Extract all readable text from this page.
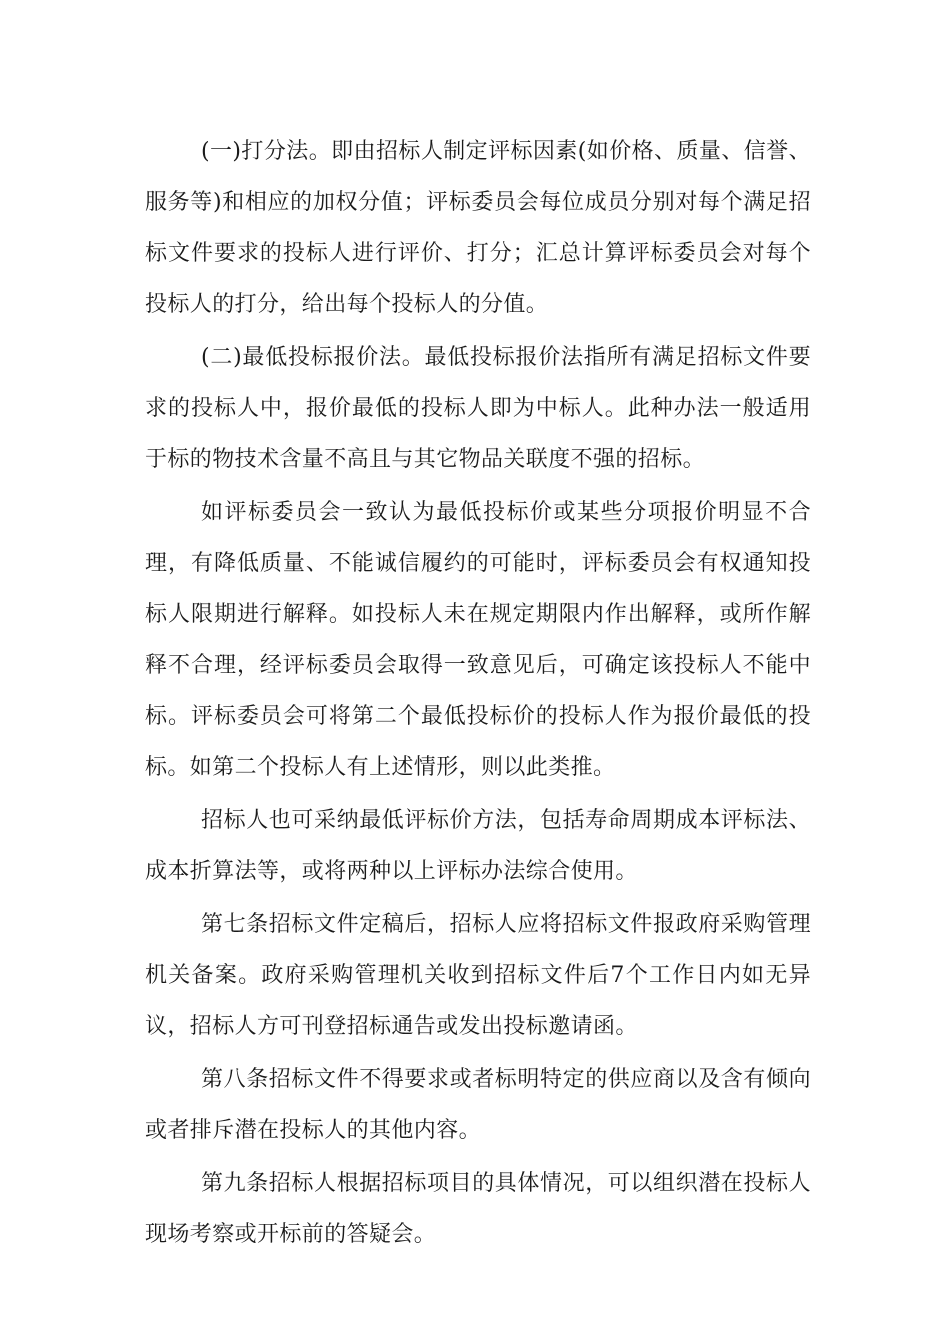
(一)打分法。即由招标人制定评标因素(如价格、质量、信誉、服务等)和相应的加权分值；评标委员会每位成员分别对每个满足招标文件要求的投标人进行评价、打分；汇总计算评标委员会对每个投标人的打分，给出每个投标人的分值。

(二)最低投标报价法。最低投标报价法指所有满足招标文件要求的投标人中，报价最低的投标人即为中标人。此种办法一般适用于标的物技术含量不高且与其它物品关联度不强的招标。

如评标委员会一致认为最低投标价或某些分项报价明显不合理，有降低质量、不能诚信履约的可能时，评标委员会有权通知投标人限期进行解释。如投标人未在规定期限内作出解释，或所作解释不合理，经评标委员会取得一致意见后，可确定该投标人不能中标。评标委员会可将第二个最低投标价的投标人作为报价最低的投标。如第二个投标人有上述情形，则以此类推。

招标人也可采纳最低评标价方法，包括寿命周期成本评标法、成本折算法等，或将两种以上评标办法综合使用。

第七条招标文件定稿后，招标人应将招标文件报政府采购管理机关备案。政府采购管理机关收到招标文件后7个工作日内如无异议，招标人方可刊登招标通告或发出投标邀请函。

第八条招标文件不得要求或者标明特定的供应商以及含有倾向或者排斥潜在投标人的其他内容。

第九条招标人根据招标项目的具体情况，可以组织潜在投标人现场考察或开标前的答疑会。
